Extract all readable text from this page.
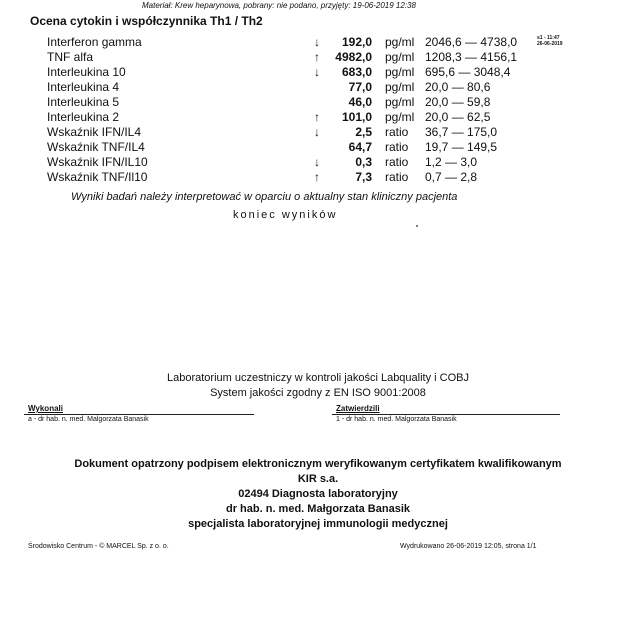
Materiał: Krew heparynowa, pobrany: nie podano, przyjęty: 19-06-2019 12:38
Ocena cytokin i współczynnika Th1 / Th2
s1 - 11:47
26-06-2019
Interferon gamma	↓	192,0 pg/ml 2046,6 — 4738,0
TNF alfa	↑	4982,0 pg/ml 1208,3 — 4156,1
Interleukina 10	↓	683,0 pg/ml 695,6 — 3048,4
Interleukina 4	77,0 pg/ml 20,0 — 80,6
Interleukina 5	46,0 pg/ml 20,0 — 59,8
Interleukina 2	↑	101,0 pg/ml 20,0 — 62,5
Wskaźnik IFN/IL4	↓	2,5 ratio 36,7 — 175,0
Wskaźnik TNF/IL4	64,7 ratio 19,7 — 149,5
Wskaźnik IFN/IL10	↓	0,3 ratio 1,2 — 3,0
Wskaźnik TNF/Il10	↑	7,3 ratio 0,7 — 2,8
Wyniki badań należy interpretować w oparciu o aktualny stan kliniczny pacjenta
koniec wyników
Laboratorium uczestniczy w kontroli jakości Labquality i COBJ
System jakości zgodny z EN ISO 9001:2008
Wykonali
a - dr hab. n. med. Malgorzata Banasik
Zatwierdzili
1 - dr hab. n. med. Malgorzata Banasik
Dokument opatrzony podpisem elektronicznym weryfikowanym certyfikatem kwalifikowanym
KIR s.a.
02494 Diagnosta laboratoryjny
dr hab. n. med. Małgorzata Banasik
specjalista laboratoryjnej immunologii medycznej
Środowisko Centrum - © MARCEL Sp. z o. o.	Wydrukowano 26-06-2019 12:05, strona 1/1
